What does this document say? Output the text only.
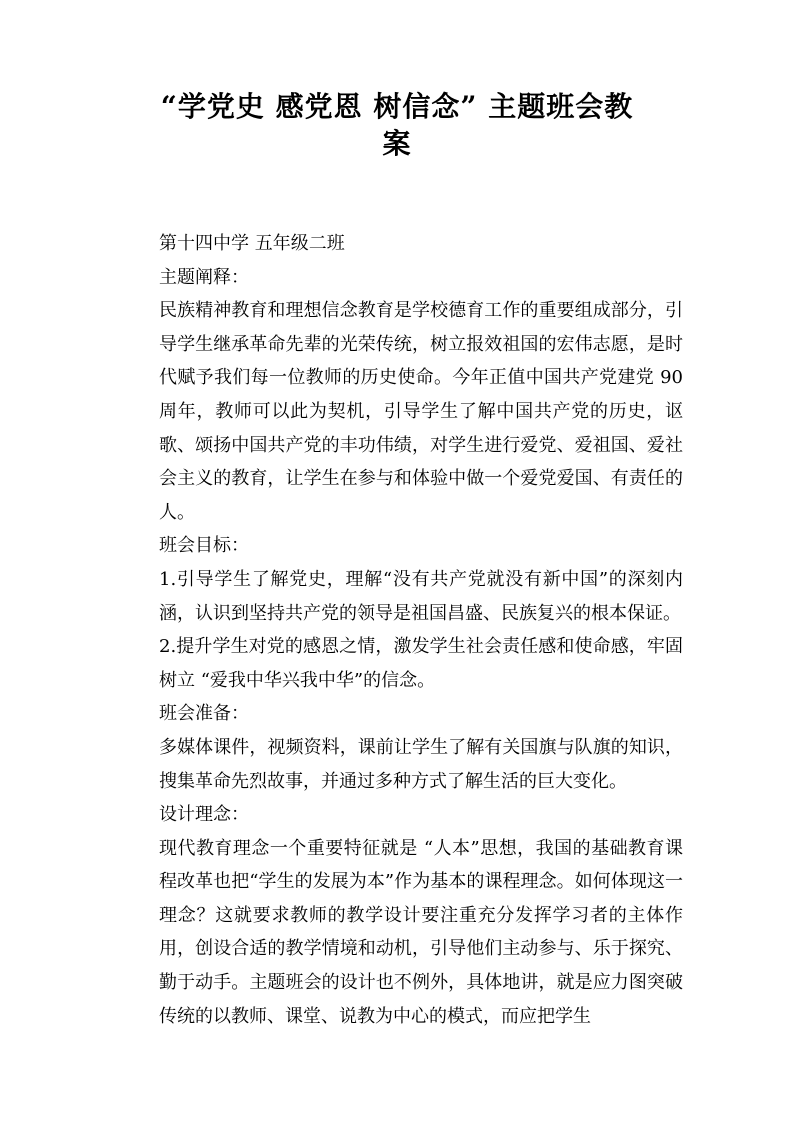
“学党史 感党恩 树信念” 主题班会教
案

第十四中学 五年级二班

主题阐释：

民族精神教育和理想信念教育是学校德育工作的重要组成部分，引导学生继承革命先辈的光荣传统，树立报效祖国的宏伟志愿，是时代赋予我们每一位教师的历史使命。今年正值中国共产党建党 90 周年，教师可以此为契机，引导学生了解中国共产党的历史，讴歌、颂扬中国共产党的丰功伟绩，对学生进行爱党、爱祖国、爱社会主义的教育，让学生在参与和体验中做一个爱党爱国、有责任的人。

班会目标：

1.引导学生了解党史，理解“没有共产党就没有新中国”的深刻内涵，认识到坚持共产党的领导是祖国昌盛、民族复兴的根本保证。

2.提升学生对党的感恩之情，激发学生社会责任感和使命感，牢固树立 “爱我中华兴我中华”的信念。

班会准备：

多媒体课件，视频资料，课前让学生了解有关国旗与队旗的知识，搜集革命先烈故事，并通过多种方式了解生活的巨大变化。

设计理念：

现代教育理念一个重要特征就是 “人本”思想，我国的基础教育课程改革也把“学生的发展为本”作为基本的课程理念。如何体现这一理念？这就要求教师的教学设计要注重充分发挥学习者的主体作用，创设合适的教学情境和动机，引导他们主动参与、乐于探究、勤于动手。主题班会的设计也不例外，具体地讲，就是应力图突破传统的以教师、课堂、说教为中心的模式，而应把学生
